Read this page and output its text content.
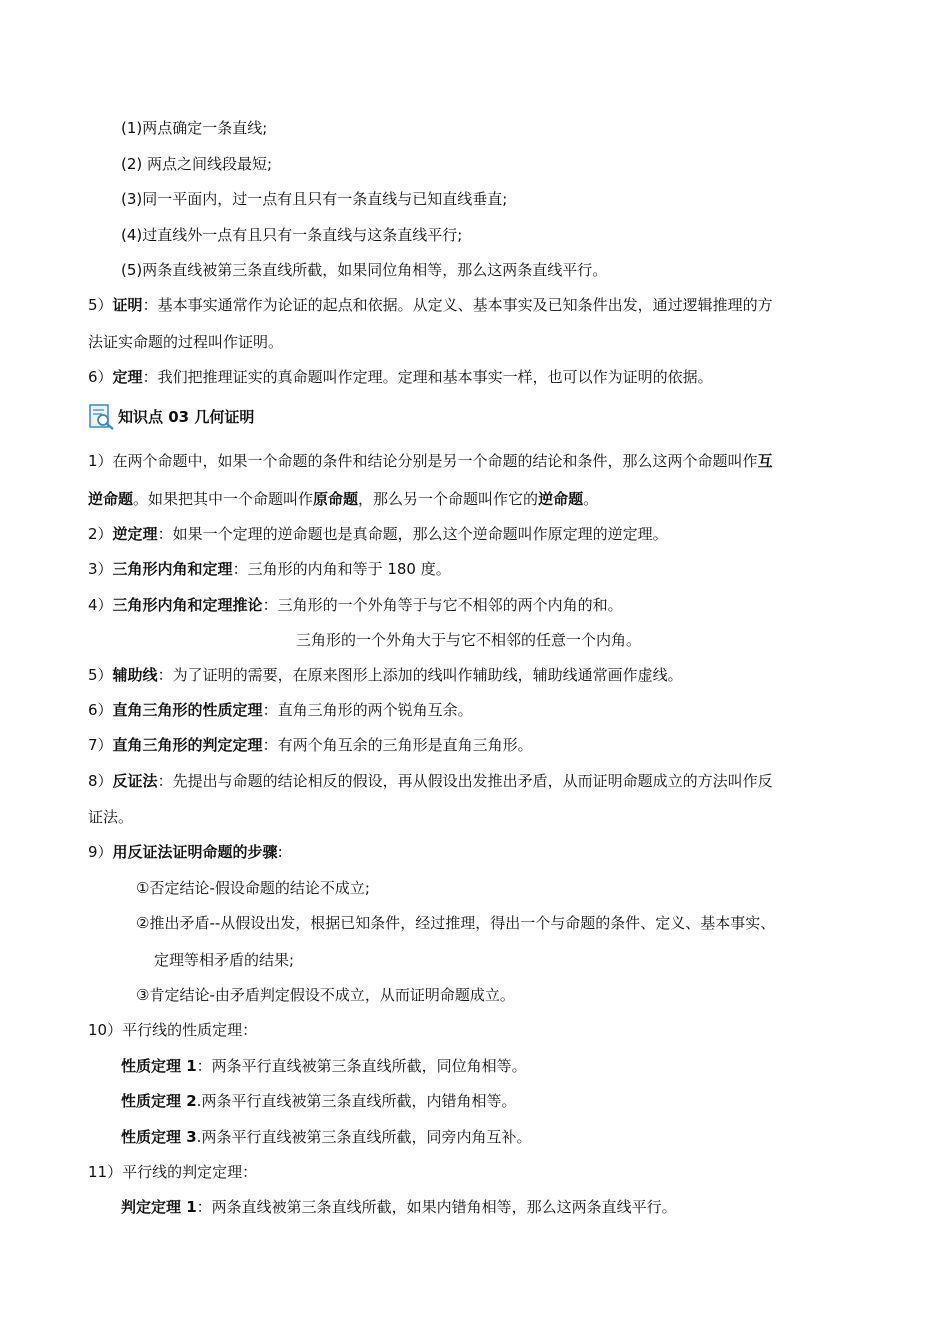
(1)两点确定一条直线;
(2) 两点之间线段最短;
(3)同一平面内，过一点有且只有一条直线与已知直线垂直;
(4)过直线外一点有且只有一条直线与这条直线平行;
(5)两条直线被第三条直线所截，如果同位角相等，那么这两条直线平行。
5）证明：基本事实通常作为论证的起点和依据。从定义、基本事实及已知条件出发，通过逻辑推理的方
法证实命题的过程叫作证明。
6）定理：我们把推理证实的真命题叫作定理。定理和基本事实一样，也可以作为证明的依据。
知识点 03 几何证明
1）在两个命题中，如果一个命题的条件和结论分别是另一个命题的结论和条件，那么这两个命题叫作互
逆命题。如果把其中一个命题叫作原命题，那么另一个命题叫作它的逆命题。
2）逆定理：如果一个定理的逆命题也是真命题，那么这个逆命题叫作原定理的逆定理。
3）三角形内角和定理：三角形的内角和等于 180 度。
4）三角形内角和定理推论：三角形的一个外角等于与它不相邻的两个内角的和。
三角形的一个外角大于与它不相邻的任意一个内角。
5）辅助线：为了证明的需要，在原来图形上添加的线叫作辅助线，辅助线通常画作虚线。
6）直角三角形的性质定理：直角三角形的两个锐角互余。
7）直角三角形的判定定理：有两个角互余的三角形是直角三角形。
8）反证法：先提出与命题的结论相反的假设，再从假设出发推出矛盾，从而证明命题成立的方法叫作反
证法。
9）用反证法证明命题的步骤:
①否定结论-假设命题的结论不成立;
②推出矛盾--从假设出发，根据已知条件，经过推理，得出一个与命题的条件、定义、基本事实、
定理等相矛盾的结果;
③肯定结论-由矛盾判定假设不成立，从而证明命题成立。
10）平行线的性质定理：
性质定理 1：两条平行直线被第三条直线所截，同位角相等。
性质定理 2.两条平行直线被第三条直线所截，内错角相等。
性质定理 3.两条平行直线被第三条直线所截，同旁内角互补。
11）平行线的判定定理：
判定定理 1：两条直线被第三条直线所截，如果内错角相等，那么这两条直线平行。
